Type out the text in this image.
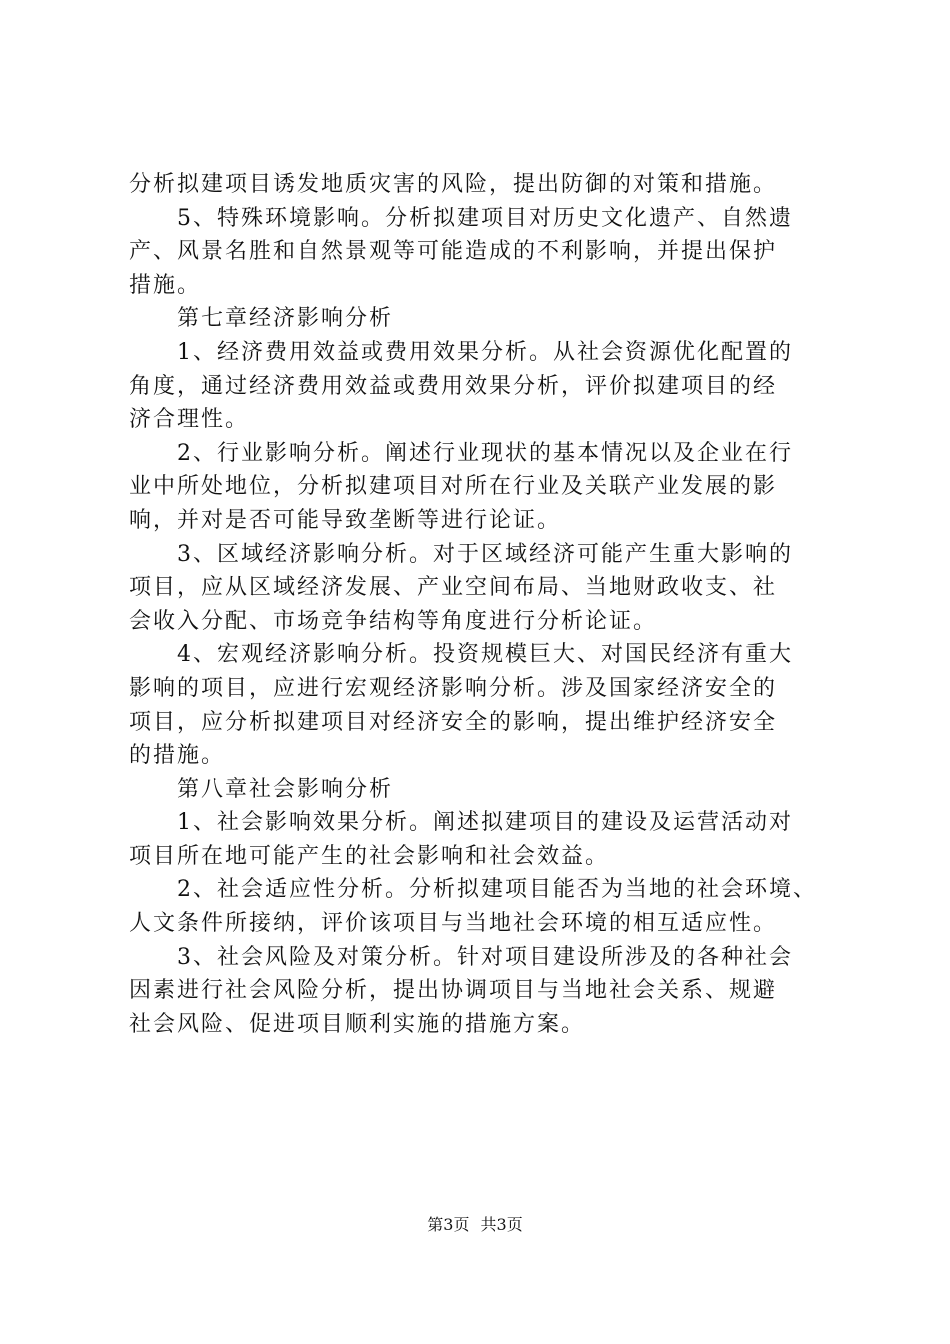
分析拟建项目诱发地质灾害的风险，提出防御的对策和措施。
5、特殊环境影响。分析拟建项目对历史文化遗产、自然遗
产、风景名胜和自然景观等可能造成的不利影响，并提出保护
措施。
第七章经济影响分析
1、经济费用效益或费用效果分析。从社会资源优化配置的
角度，通过经济费用效益或费用效果分析，评价拟建项目的经
济合理性。
2、行业影响分析。阐述行业现状的基本情况以及企业在行
业中所处地位，分析拟建项目对所在行业及关联产业发展的影
响，并对是否可能导致垄断等进行论证。
3、区域经济影响分析。对于区域经济可能产生重大影响的
项目，应从区域经济发展、产业空间布局、当地财政收支、社
会收入分配、市场竞争结构等角度进行分析论证。
4、宏观经济影响分析。投资规模巨大、对国民经济有重大
影响的项目，应进行宏观经济影响分析。涉及国家经济安全的
项目，应分析拟建项目对经济安全的影响，提出维护经济安全
的措施。
第八章社会影响分析
1、社会影响效果分析。阐述拟建项目的建设及运营活动对
项目所在地可能产生的社会影响和社会效益。
2、社会适应性分析。分析拟建项目能否为当地的社会环境、
人文条件所接纳，评价该项目与当地社会环境的相互适应性。
3、社会风险及对策分析。针对项目建设所涉及的各种社会
因素进行社会风险分析，提出协调项目与当地社会关系、规避
社会风险、促进项目顺利实施的措施方案。
第3页 共3页
